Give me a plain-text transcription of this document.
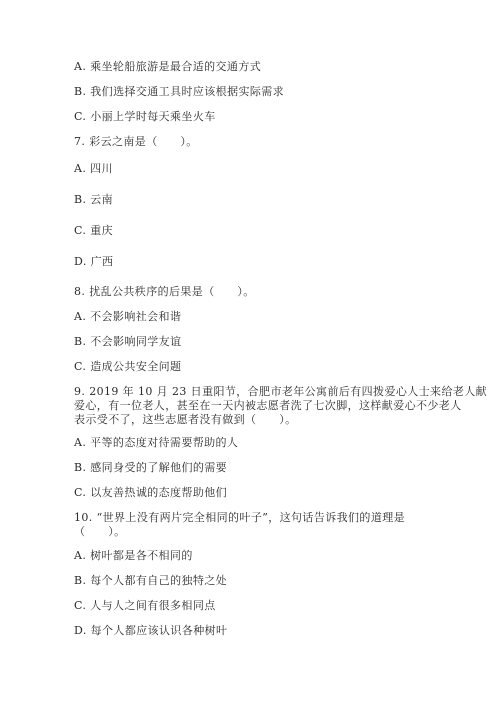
A. 乘坐轮船旅游是最合适的交通方式
B. 我们选择交通工具时应该根据实际需求
C. 小丽上学时每天乘坐火车
7. 彩云之南是（　　）。
A. 四川
B. 云南
C. 重庆
D. 广西
8. 扰乱公共秩序的后果是（　　）。
A. 不会影响社会和谐
B. 不会影响同学友谊
C. 造成公共安全问题
9. 2019 年 10 月 23 日重阳节，合肥市老年公寓前后有四拨爱心人士来给老人献
爱心，有一位老人，甚至在一天内被志愿者洗了七次脚，这样献爱心不少老人
表示受不了，这些志愿者没有做到（　　）。
A. 平等的态度对待需要帮助的人
B. 感同身受的了解他们的需要
C. 以友善热诚的态度帮助他们
10. “世界上没有两片完全相同的叶子”，这句话告诉我们的道理是
（　　）。
A. 树叶都是各不相同的
B. 每个人都有自己的独特之处
C. 人与人之间有很多相同点
D. 每个人都应该认识各种树叶
